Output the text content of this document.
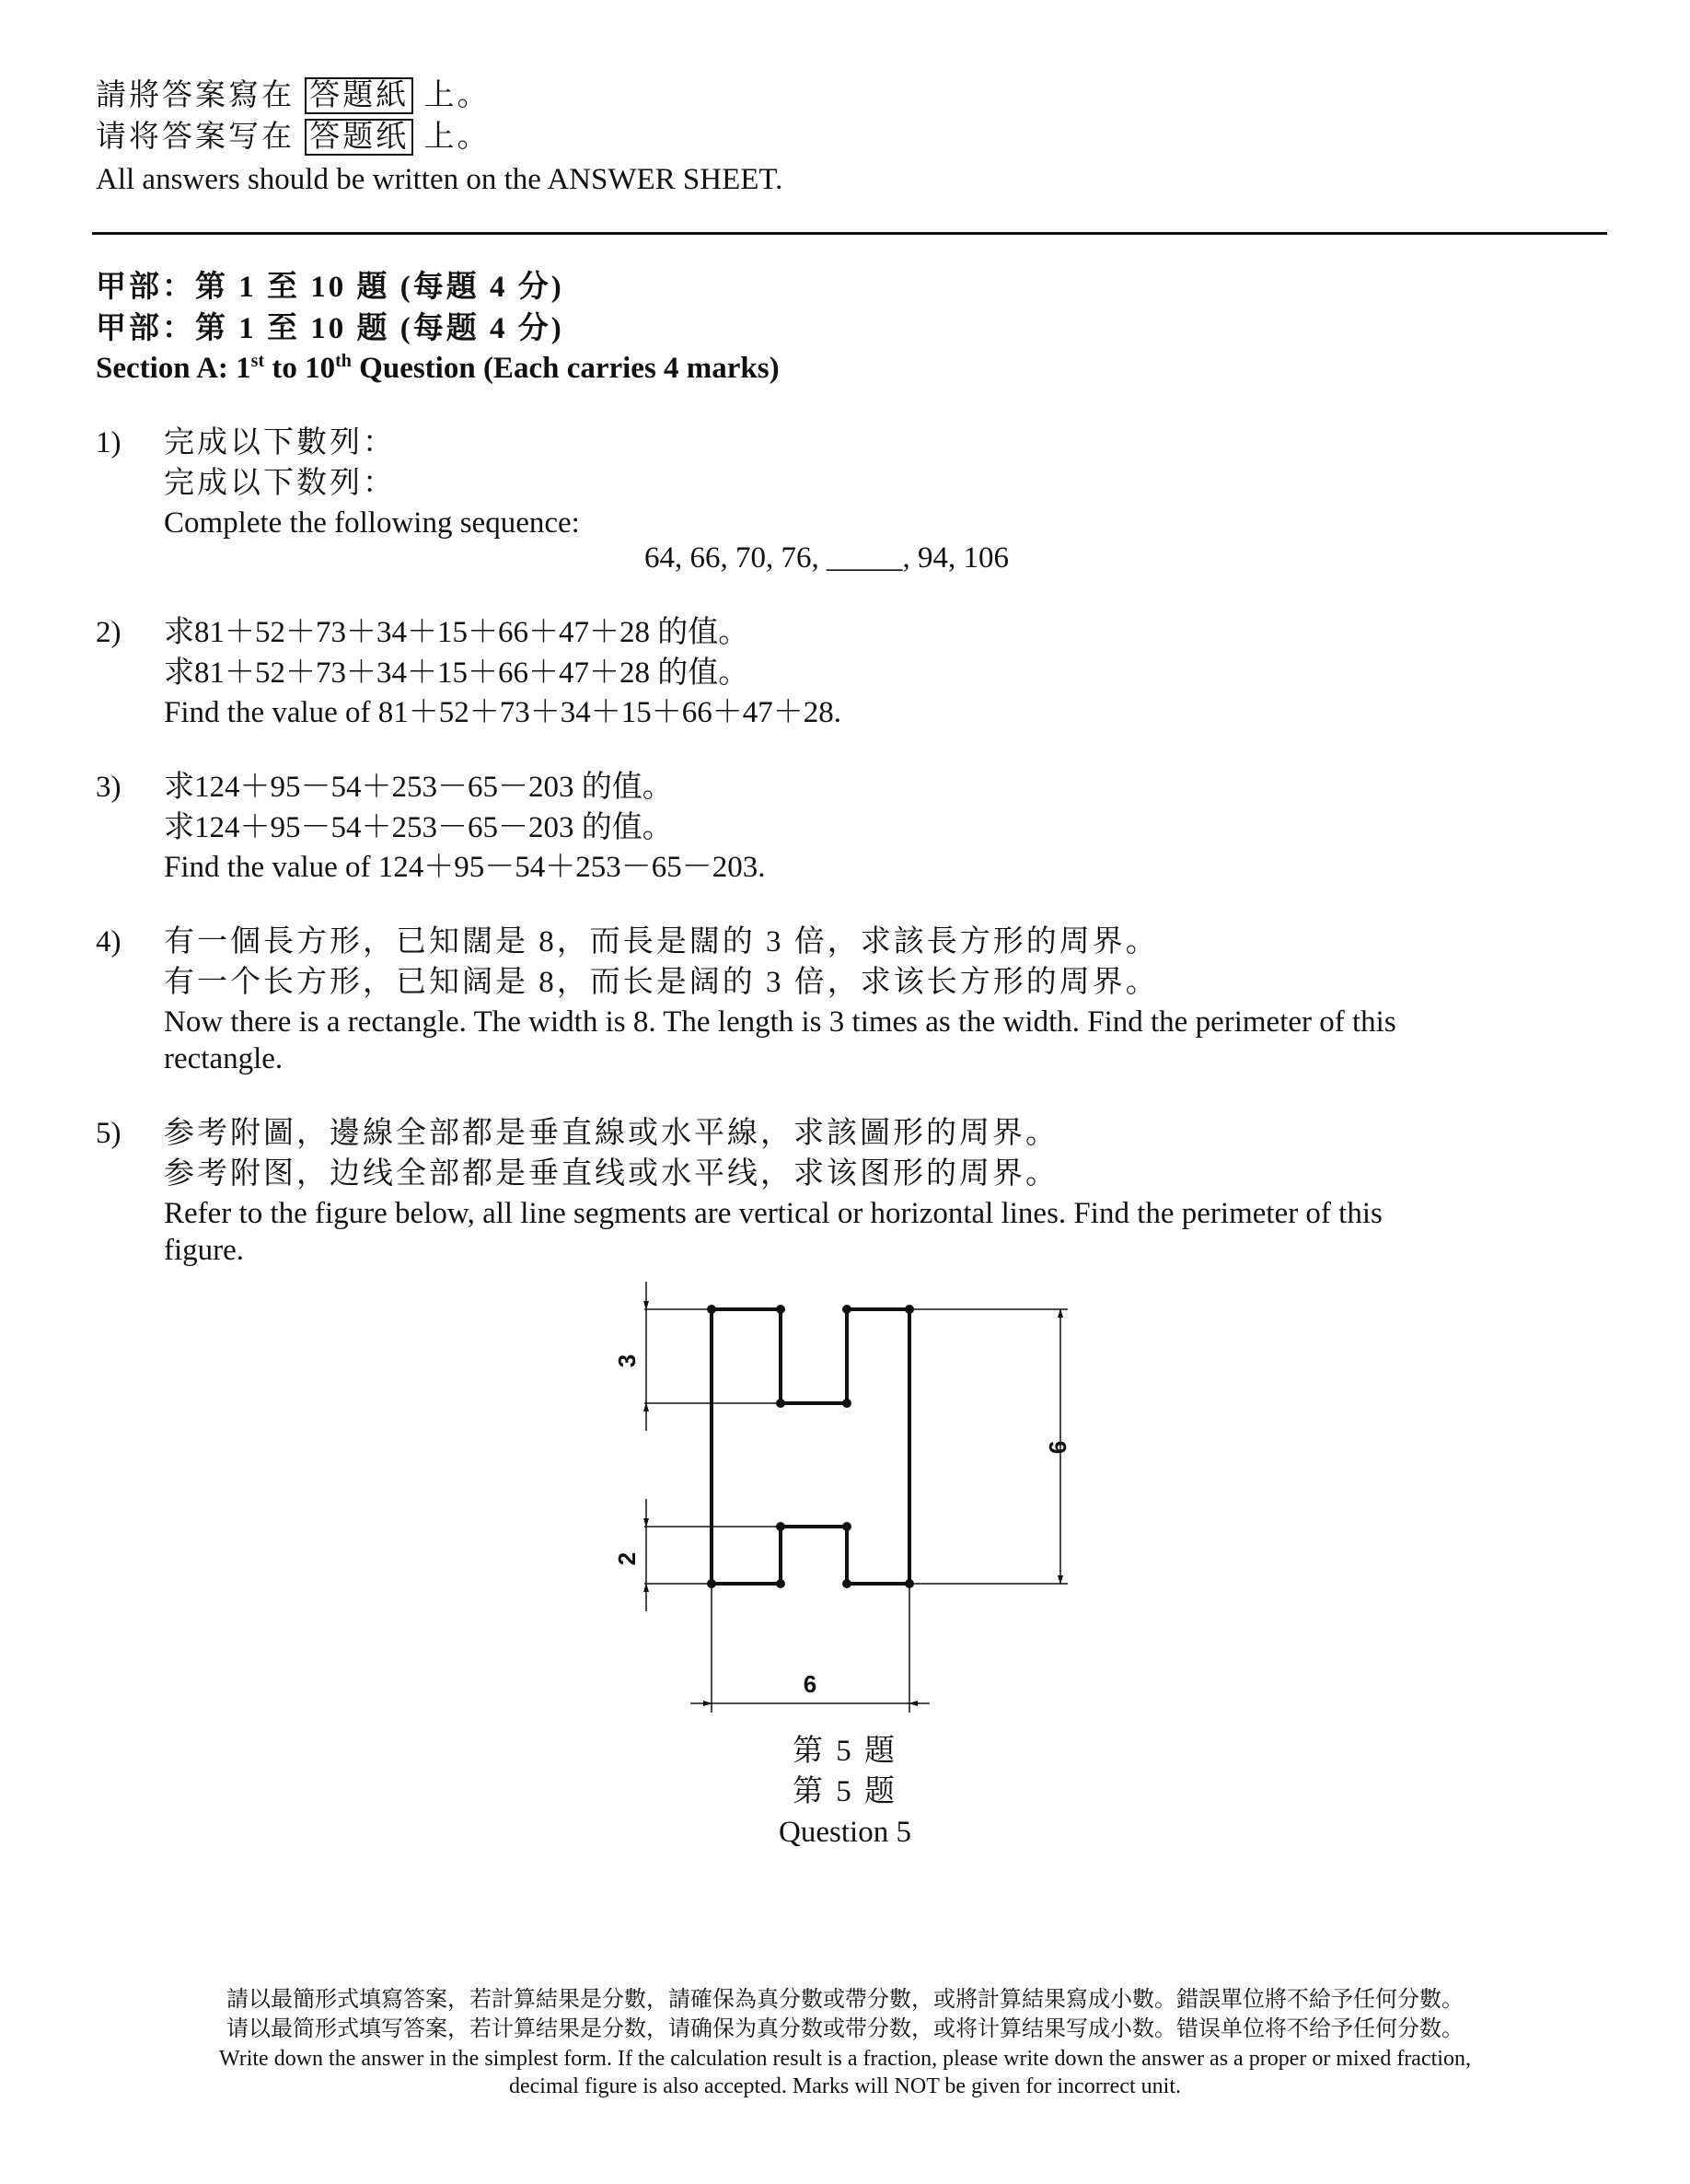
請將答案寫在 答題紙 上。
请将答案写在 答题纸 上。
All answers should be written on the ANSWER SHEET.
甲部：第 1 至 10 題 (每題 4 分)
甲部：第 1 至 10 题 (每题 4 分)
Section A: 1st to 10th Question (Each carries 4 marks)
1) 完成以下數列：
完成以下数列：
Complete the following sequence:
64, 66, 70, 76, _____, 94, 106
2) 求81＋52＋73＋34＋15＋66＋47＋28 的值。
求81＋52＋73＋34＋15＋66＋47＋28 的值。
Find the value of 81＋52＋73＋34＋15＋66＋47＋28.
3) 求124＋95－54＋253－65－203 的值。
求124＋95－54＋253－65－203 的值。
Find the value of 124＋95－54＋253－65－203.
4) 有一個長方形，已知闊是 8，而長是闊的 3 倍，求該長方形的周界。
有一个长方形，已知阔是 8，而长是阔的 3 倍，求该长方形的周界。
Now there is a rectangle. The width is 8. The length is 3 times as the width. Find the perimeter of this
rectangle.
5) 参考附圖，邊線全部都是垂直線或水平線，求該圖形的周界。
参考附图，边线全部都是垂直线或水平线，求该图形的周界。
Refer to the figure below, all line segments are vertical or horizontal lines. Find the perimeter of this
figure.
3
2
9
6
第 5 題
第 5 题
Question 5
請以最簡形式填寫答案，若計算結果是分數，請確保為真分數或帶分數，或將計算結果寫成小數。錯誤單位將不給予任何分數。
请以最简形式填写答案，若计算结果是分数，请确保为真分数或带分数，或将计算结果写成小数。错误单位将不给予任何分数。
Write down the answer in the simplest form. If the calculation result is a fraction, please write down the answer as a proper or mixed fraction,
decimal figure is also accepted. Marks will NOT be given for incorrect unit.
